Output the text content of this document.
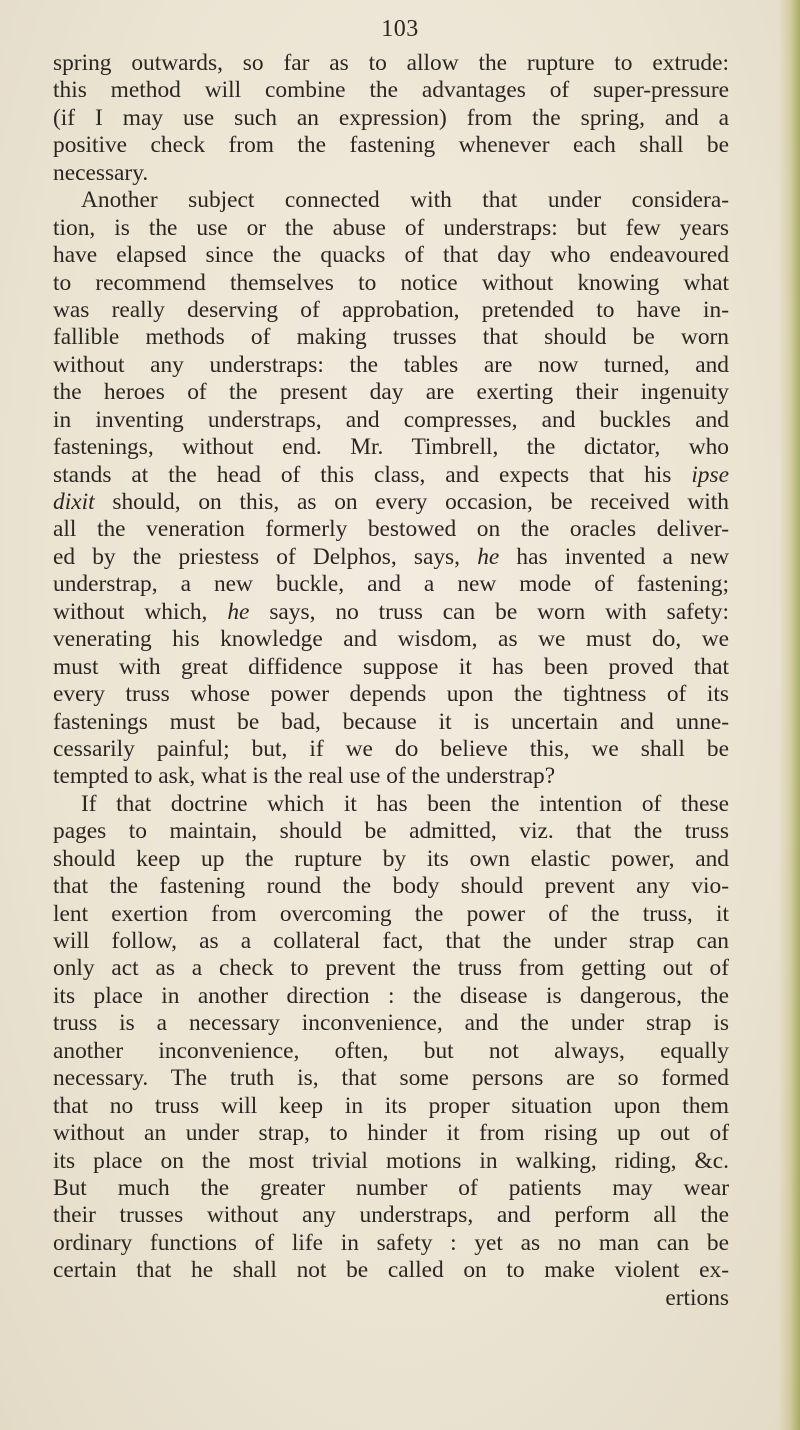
103
spring outwards, so far as to allow the rupture to extrude:
this method will combine the advantages of super-pressure
(if I may use such an expression) from the spring, and a
positive check from the fastening whenever each shall be
necessary.
Another subject connected with that under considera-
tion, is the use or the abuse of understraps: but few years
have elapsed since the quacks of that day who endeavoured
to recommend themselves to notice without knowing what
was really deserving of approbation, pretended to have in-
fallible methods of making trusses that should be worn
without any understraps: the tables are now turned, and
the heroes of the present day are exerting their ingenuity
in inventing understraps, and compresses, and buckles and
fastenings, without end. Mr. Timbrell, the dictator, who
stands at the head of this class, and expects that his ipse
dixit should, on this, as on every occasion, be received with
all the veneration formerly bestowed on the oracles deliver-
ed by the priestess of Delphos, says, he has invented a new
understrap, a new buckle, and a new mode of fastening;
without which, he says, no truss can be worn with safety:
venerating his knowledge and wisdom, as we must do, we
must with great diffidence suppose it has been proved that
every truss whose power depends upon the tightness of its
fastenings must be bad, because it is uncertain and unne-
cessarily painful; but, if we do believe this, we shall be
tempted to ask, what is the real use of the understrap?
If that doctrine which it has been the intention of these
pages to maintain, should be admitted, viz. that the truss
should keep up the rupture by its own elastic power, and
that the fastening round the body should prevent any vio-
lent exertion from overcoming the power of the truss, it
will follow, as a collateral fact, that the under strap can
only act as a check to prevent the truss from getting out of
its place in another direction : the disease is dangerous, the
truss is a necessary inconvenience, and the under strap is
another inconvenience, often, but not always, equally
necessary. The truth is, that some persons are so formed
that no truss will keep in its proper situation upon them
without an under strap, to hinder it from rising up out of
its place on the most trivial motions in walking, riding, &c.
But much the greater number of patients may wear
their trusses without any understraps, and perform all the
ordinary functions of life in safety : yet as no man can be
certain that he shall not be called on to make violent ex-
ertions
